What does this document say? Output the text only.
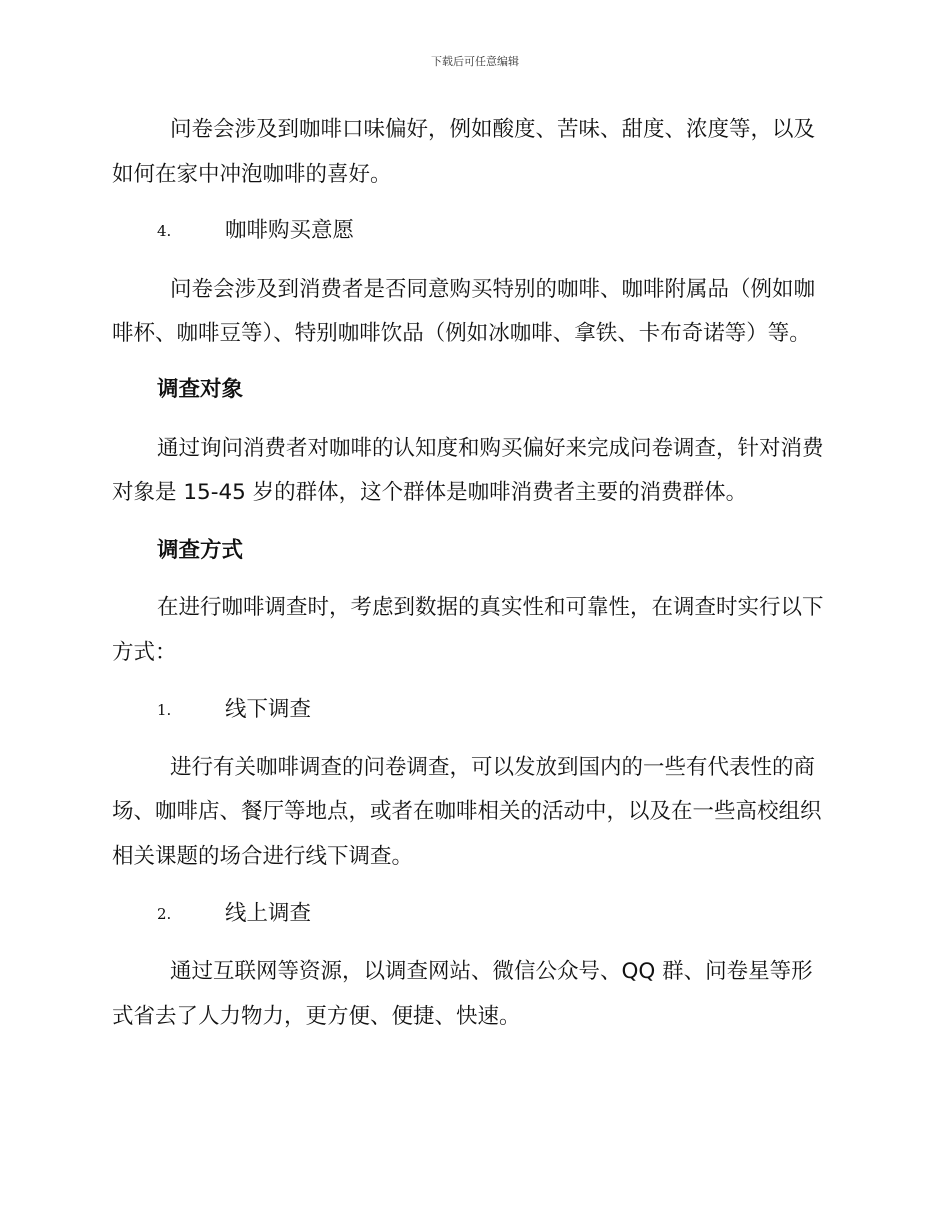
下载后可任意编辑
问卷会涉及到咖啡口味偏好，例如酸度、苦味、甜度、浓度等，以及
如何在家中冲泡咖啡的喜好。
4. 咖啡购买意愿
问卷会涉及到消费者是否同意购买特别的咖啡、咖啡附属品（例如咖
啡杯、咖啡豆等）、特别咖啡饮品（例如冰咖啡、拿铁、卡布奇诺等）等。
调查对象
通过询问消费者对咖啡的认知度和购买偏好来完成问卷调查，针对消费
对象是 15-45 岁的群体，这个群体是咖啡消费者主要的消费群体。
调查方式
在进行咖啡调查时，考虑到数据的真实性和可靠性，在调查时实行以下
方式：
1. 线下调查
进行有关咖啡调查的问卷调查，可以发放到国内的一些有代表性的商
场、咖啡店、餐厅等地点，或者在咖啡相关的活动中，以及在一些高校组织
相关课题的场合进行线下调查。
2. 线上调查
通过互联网等资源，以调查网站、微信公众号、QQ 群、问卷星等形
式省去了人力物力，更方便、便捷、快速。
